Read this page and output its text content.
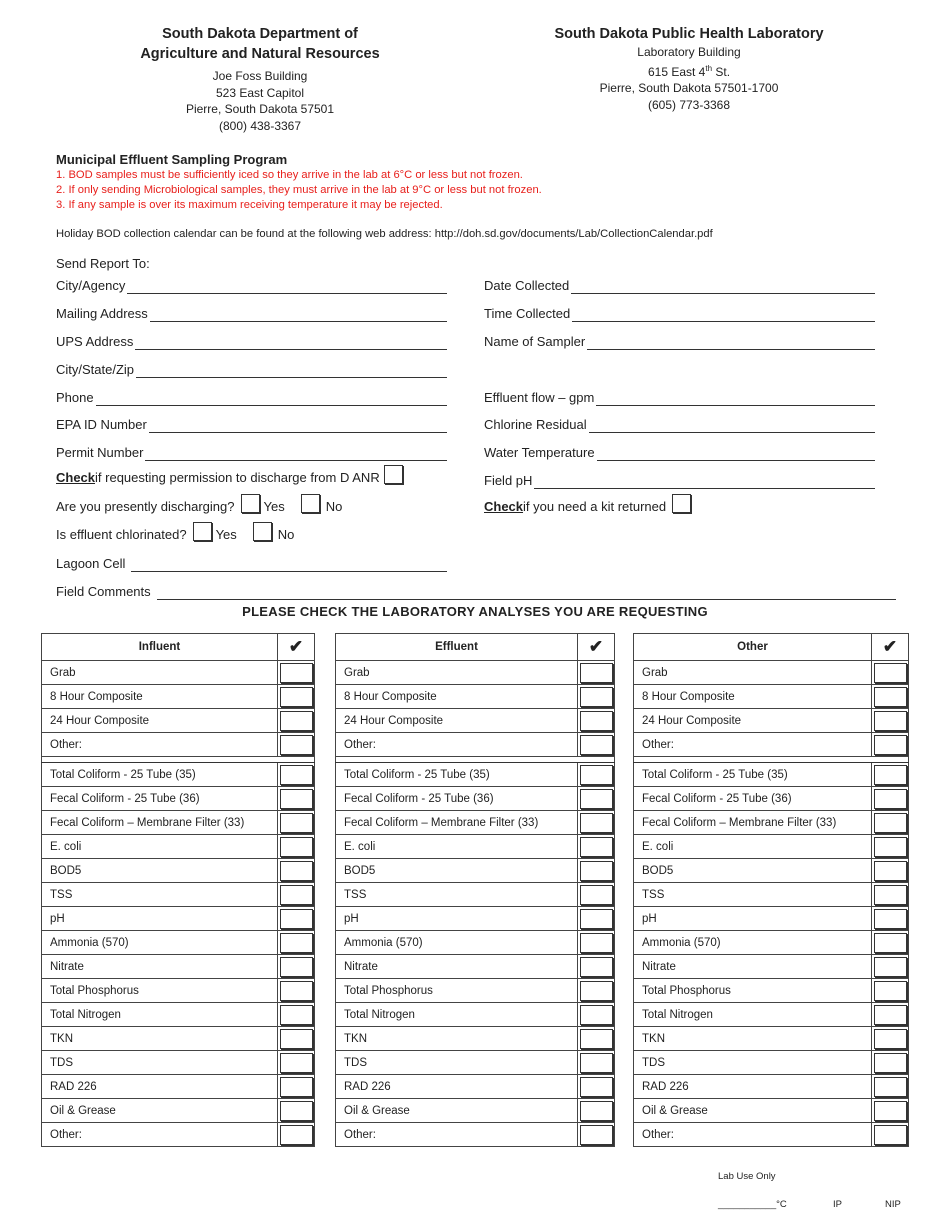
South Dakota Department of
Agriculture and Natural Resources
Joe Foss Building
523 East Capitol
Pierre, South Dakota 57501
(800) 438-3367
South Dakota Public Health Laboratory
Laboratory Building
615 East 4th St.
Pierre, South Dakota 57501-1700
(605) 773-3368
Municipal Effluent Sampling Program
1. BOD samples must be sufficiently iced so they arrive in the lab at 6°C or less but not frozen.
2. If only sending Microbiological samples, they must arrive in the lab at 9°C or less but not frozen.
3. If any sample is over its maximum receiving temperature it may be rejected.
Holiday BOD collection calendar can be found at the following web address: http://doh.sd.gov/documents/Lab/CollectionCalendar.pdf
Send Report To:
City/Agency
Mailing Address
UPS Address
City/State/Zip
Phone
EPA ID Number
Permit Number
Check if requesting permission to discharge from D ANR
Are you presently discharging? Yes	No
Is effluent chlorinated? Yes	No
Lagoon Cell
Field Comments
Date Collected
Time Collected
Name of Sampler
Effluent flow – gpm
Chlorine Residual
Water Temperature
Field pH
Check if you need a kit returned
PLEASE CHECK THE LABORATORY ANALYSES YOU ARE REQUESTING
Influent	✔
Grab	

8 Hour Composite	

24 Hour Composite	

Other:	

Total Coliform - 25 Tube (35)	

Fecal Coliform - 25 Tube (36)	

Fecal Coliform – Membrane Filter (33)	

E. coli	

BOD5	

TSS	

pH	

Ammonia (570)	

Nitrate	

Total Phosphorus	

Total Nitrogen	

TKN	

TDS	

RAD 226	

Oil & Grease	

Other:	
Effluent	✔
Grab	

8 Hour Composite	

24 Hour Composite	

Other:	

Total Coliform - 25 Tube (35)	

Fecal Coliform - 25 Tube (36)	

Fecal Coliform – Membrane Filter (33)	

E. coli	

BOD5	

TSS	

pH	

Ammonia (570)	

Nitrate	

Total Phosphorus	

Total Nitrogen	

TKN	

TDS	

RAD 226	

Oil & Grease	

Other:	
Other	✔
Grab	

8 Hour Composite	

24 Hour Composite	

Other:	

Total Coliform - 25 Tube (35)	

Fecal Coliform - 25 Tube (36)	

Fecal Coliform – Membrane Filter (33)	

E. coli	

BOD5	

TSS	

pH	

Ammonia (570)	

Nitrate	

Total Phosphorus	

Total Nitrogen	

TKN	

TDS	

RAD 226	

Oil & Grease	

Other:	
Lab Use Only
___________°C	IP	NIP
